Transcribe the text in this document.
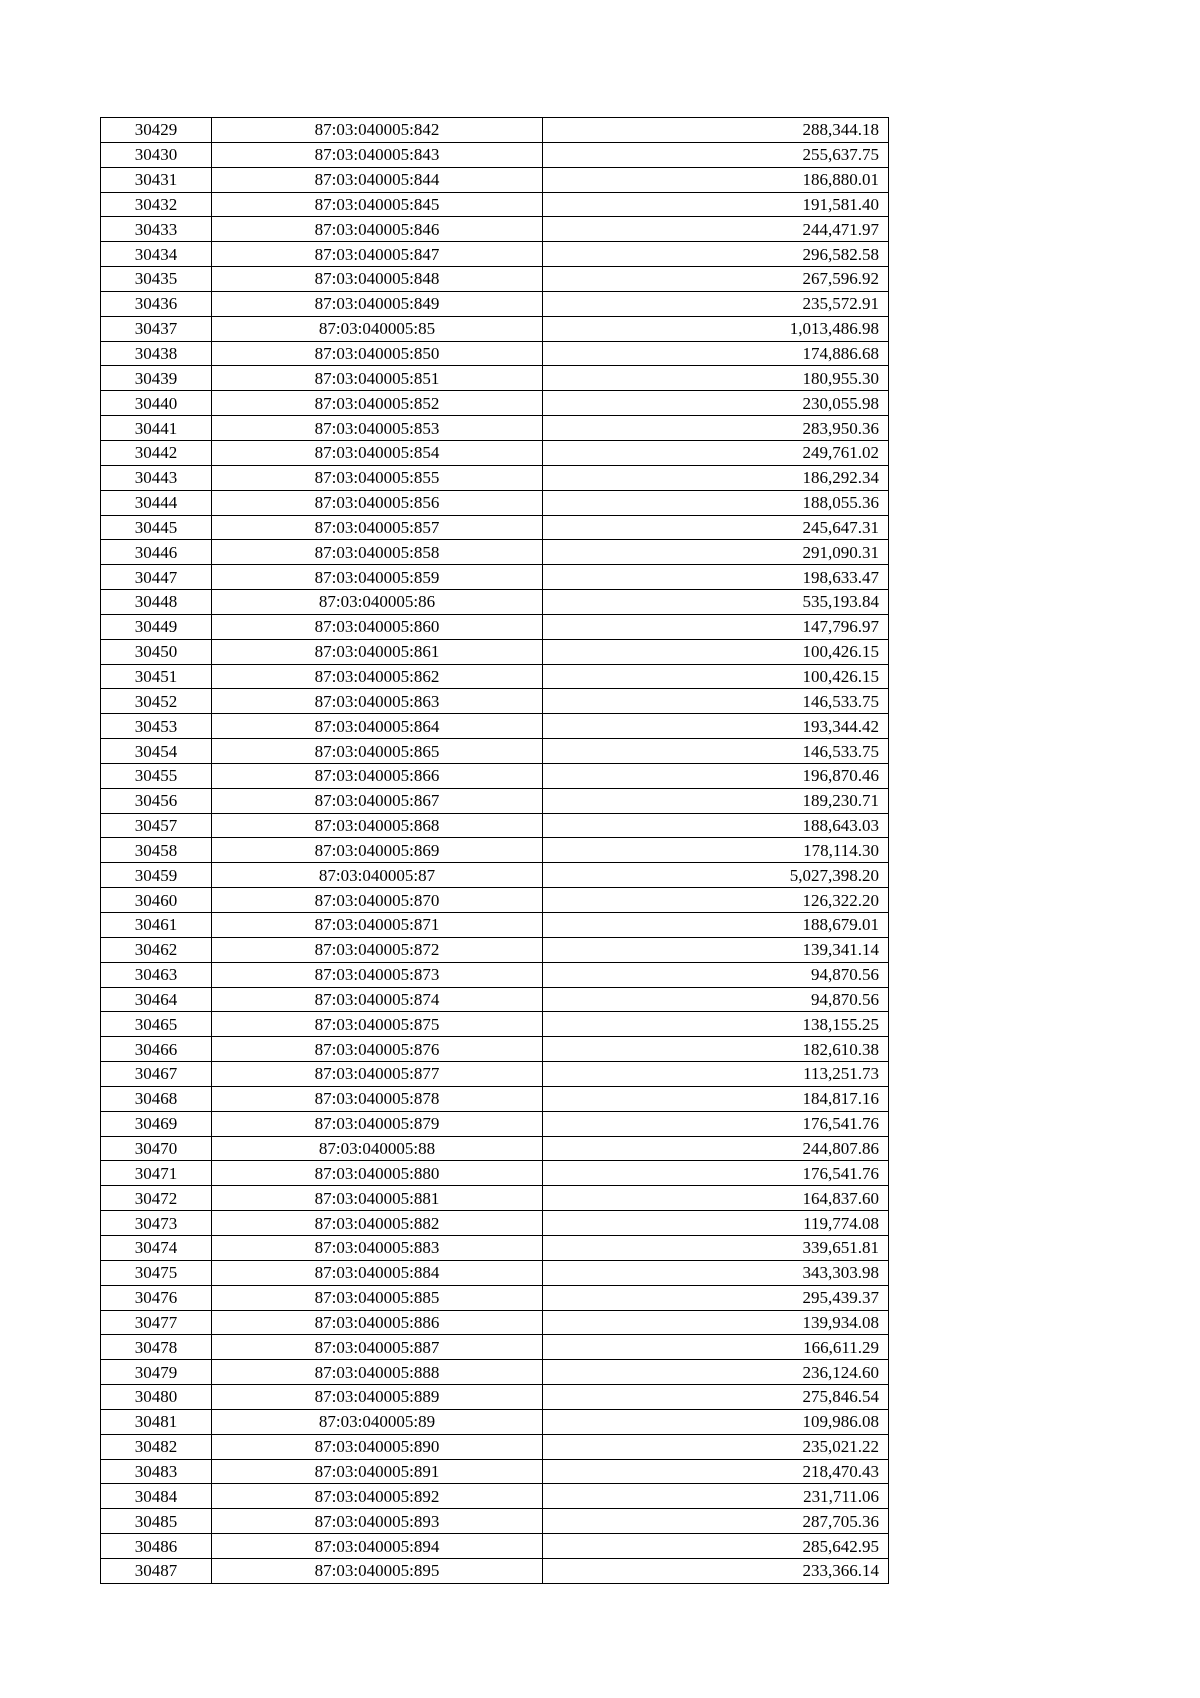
30429	87:03:040005:842	288,344.18
30430	87:03:040005:843	255,637.75
30431	87:03:040005:844	186,880.01
30432	87:03:040005:845	191,581.40
30433	87:03:040005:846	244,471.97
30434	87:03:040005:847	296,582.58
30435	87:03:040005:848	267,596.92
30436	87:03:040005:849	235,572.91
30437	87:03:040005:85	1,013,486.98
30438	87:03:040005:850	174,886.68
30439	87:03:040005:851	180,955.30
30440	87:03:040005:852	230,055.98
30441	87:03:040005:853	283,950.36
30442	87:03:040005:854	249,761.02
30443	87:03:040005:855	186,292.34
30444	87:03:040005:856	188,055.36
30445	87:03:040005:857	245,647.31
30446	87:03:040005:858	291,090.31
30447	87:03:040005:859	198,633.47
30448	87:03:040005:86	535,193.84
30449	87:03:040005:860	147,796.97
30450	87:03:040005:861	100,426.15
30451	87:03:040005:862	100,426.15
30452	87:03:040005:863	146,533.75
30453	87:03:040005:864	193,344.42
30454	87:03:040005:865	146,533.75
30455	87:03:040005:866	196,870.46
30456	87:03:040005:867	189,230.71
30457	87:03:040005:868	188,643.03
30458	87:03:040005:869	178,114.30
30459	87:03:040005:87	5,027,398.20
30460	87:03:040005:870	126,322.20
30461	87:03:040005:871	188,679.01
30462	87:03:040005:872	139,341.14
30463	87:03:040005:873	94,870.56
30464	87:03:040005:874	94,870.56
30465	87:03:040005:875	138,155.25
30466	87:03:040005:876	182,610.38
30467	87:03:040005:877	113,251.73
30468	87:03:040005:878	184,817.16
30469	87:03:040005:879	176,541.76
30470	87:03:040005:88	244,807.86
30471	87:03:040005:880	176,541.76
30472	87:03:040005:881	164,837.60
30473	87:03:040005:882	119,774.08
30474	87:03:040005:883	339,651.81
30475	87:03:040005:884	343,303.98
30476	87:03:040005:885	295,439.37
30477	87:03:040005:886	139,934.08
30478	87:03:040005:887	166,611.29
30479	87:03:040005:888	236,124.60
30480	87:03:040005:889	275,846.54
30481	87:03:040005:89	109,986.08
30482	87:03:040005:890	235,021.22
30483	87:03:040005:891	218,470.43
30484	87:03:040005:892	231,711.06
30485	87:03:040005:893	287,705.36
30486	87:03:040005:894	285,642.95
30487	87:03:040005:895	233,366.14
